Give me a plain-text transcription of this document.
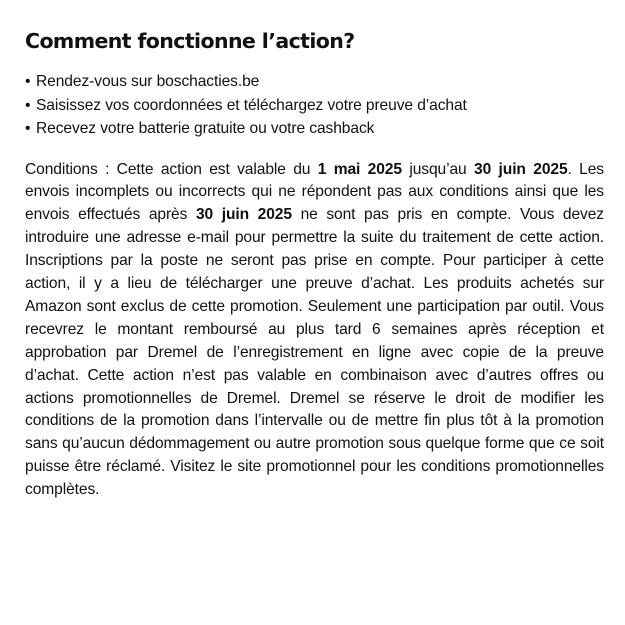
Comment fonctionne l’action?
• Rendez-vous sur boschacties.be
• Saisissez vos coordonnées et téléchargez votre preuve d’achat
• Recevez votre batterie gratuite ou votre cashback

Conditions : Cette action est valable du 1 mai 2025 jusqu’au 30 juin 2025. Les envois incomplets ou incorrects qui ne répondent pas aux conditions ainsi que les envois effectués après 30 juin 2025 ne sont pas pris en compte. Vous devez introduire une adresse e-mail pour permettre la suite du traitement de cette action. Inscriptions par la poste ne seront pas prise en compte. Pour participer à cette action, il y a lieu de télécharger une preuve d’achat. Les produits achetés sur Amazon sont exclus de cette promotion. Seulement une participation par outil. Vous recevrez le montant remboursé au plus tard 6 semaines après réception et approbation par Dremel de l’enregistrement en ligne avec copie de la preuve d’achat. Cette action n’est pas valable en combinaison avec d’autres offres ou actions promotionnelles de Dremel. Dremel se réserve le droit de modifier les conditions de la promotion dans l’intervalle ou de mettre fin plus tôt à la promotion sans qu’aucun dédommagement ou autre promotion sous quelque forme que ce soit puisse être réclamé. Visitez le site promotionnel pour les conditions promotionnelles complètes.
